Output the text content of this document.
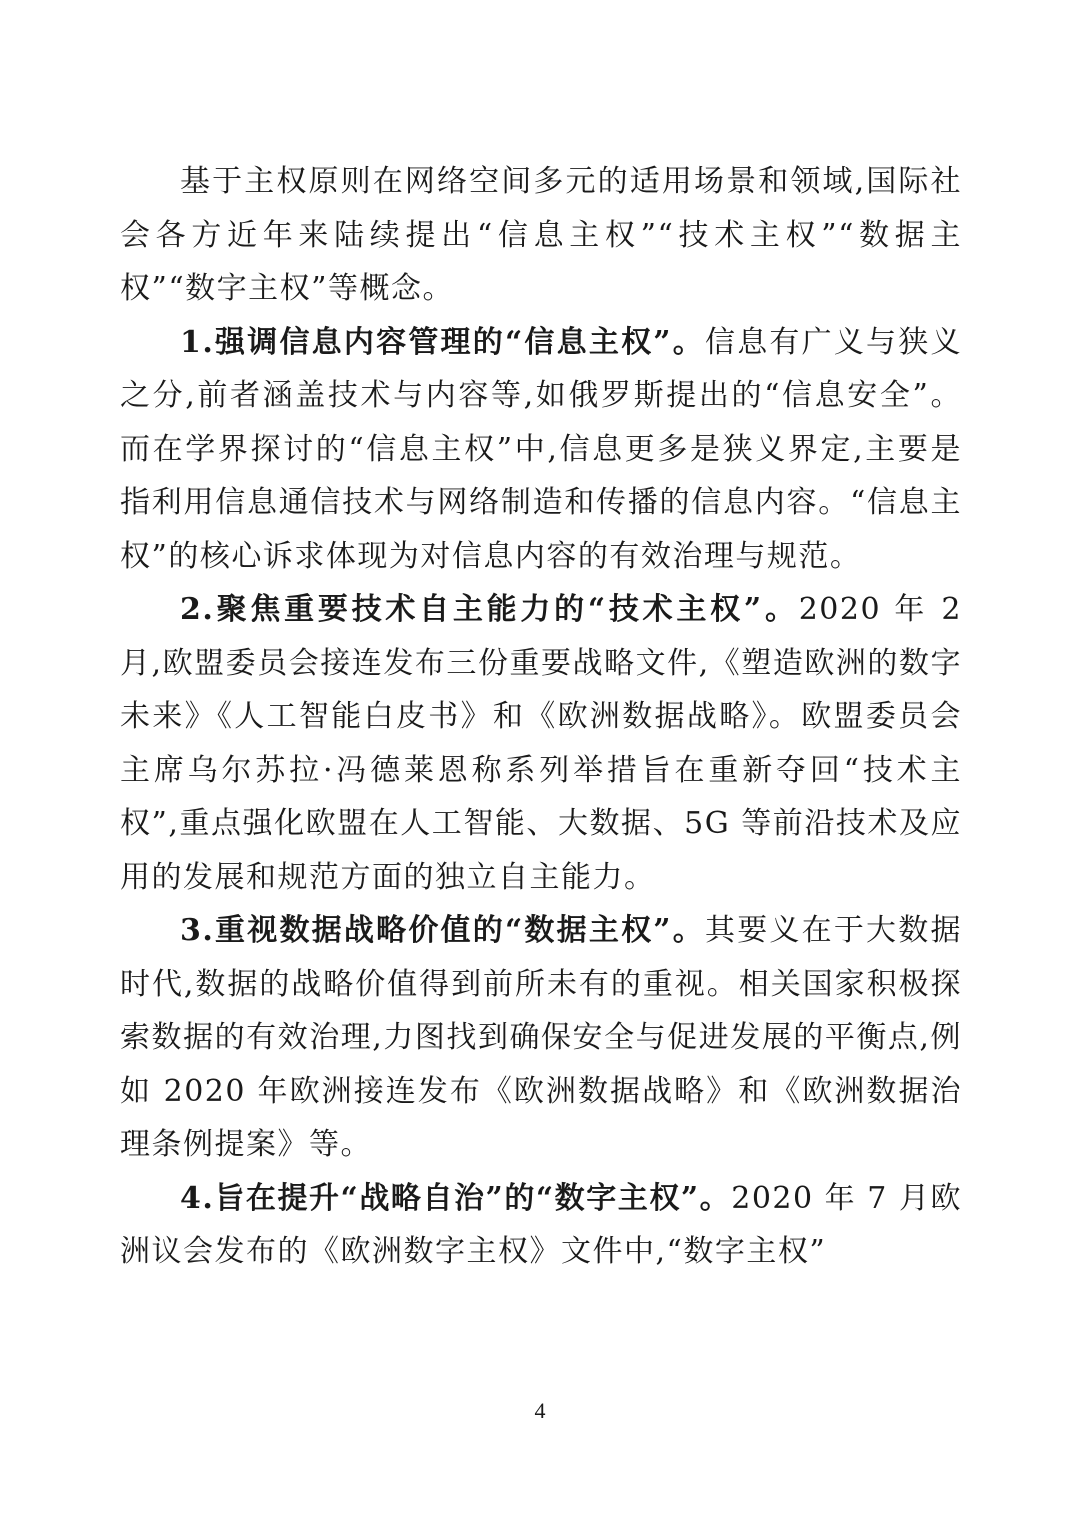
基于主权原则在网络空间多元的适用场景和领域,国际社会各方近年来陆续提出“信息主权”“技术主权”“数据主权”“数字主权”等概念。

1.强调信息内容管理的“信息主权”。信息有广义与狭义之分,前者涵盖技术与内容等,如俄罗斯提出的“信息安全”。而在学界探讨的“信息主权”中,信息更多是狭义界定,主要是指利用信息通信技术与网络制造和传播的信息内容。“信息主权”的核心诉求体现为对信息内容的有效治理与规范。

2.聚焦重要技术自主能力的“技术主权”。2020 年 2 月,欧盟委员会接连发布三份重要战略文件,《塑造欧洲的数字未来》《人工智能白皮书》和《欧洲数据战略》。欧盟委员会主席乌尔苏拉·冯德莱恩称系列举措旨在重新夺回“技术主权”,重点强化欧盟在人工智能、大数据、5G 等前沿技术及应用的发展和规范方面的独立自主能力。

3.重视数据战略价值的“数据主权”。其要义在于大数据时代,数据的战略价值得到前所未有的重视。相关国家积极探索数据的有效治理,力图找到确保安全与促进发展的平衡点,例如 2020 年欧洲接连发布《欧洲数据战略》和《欧洲数据治理条例提案》等。

4.旨在提升“战略自治”的“数字主权”。2020 年 7 月欧洲议会发布的《欧洲数字主权》文件中,“数字主权”

4
